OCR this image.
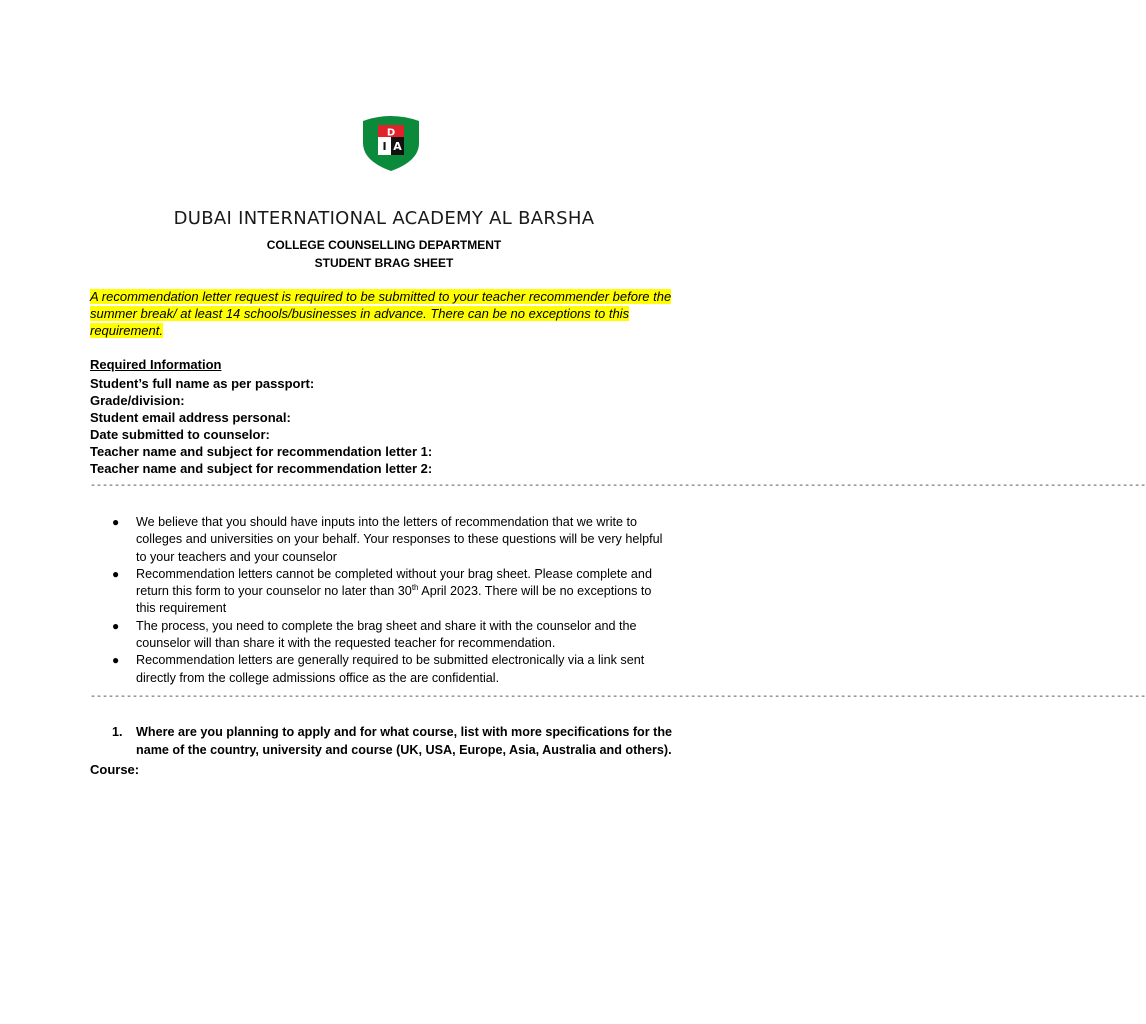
D
I A
DUBAI INTERNATIONAL ACADEMY AL BARSHA
COLLEGE COUNSELLING DEPARTMENT
STUDENT BRAG SHEET
A recommendation letter request is required to be submitted to your teacher recommender before the summer break/ at least 14 schools/businesses in advance. There can be no exceptions to this requirement.
Required Information
Student’s full name as per passport:
Grade/division:
Student email address personal:
Date submitted to counselor:
Teacher name and subject for recommendation letter 1:
Teacher name and subject for recommendation letter 2:
--------------------------------------------------------------------------------------------------------------------------------------------------------------------------------
● We believe that you should have inputs into the letters of recommendation that we write to colleges and universities on your behalf. Your responses to these questions will be very helpful to your teachers and your counselor
● Recommendation letters cannot be completed without your brag sheet. Please complete and return this form to your counselor no later than 30th April 2023. There will be no exceptions to this requirement
● The process, you need to complete the brag sheet and share it with the counselor and the counselor will than share it with the requested teacher for recommendation.
● Recommendation letters are generally required to be submitted electronically via a link sent directly from the college admissions office as the are confidential.
--------------------------------------------------------------------------------------------------------------------------------------------------------------------------------
1.	Where are you planning to apply and for what course, list with more specifications for the name of the country, university and course (UK, USA, Europe, Asia, Australia and others).
Course:
